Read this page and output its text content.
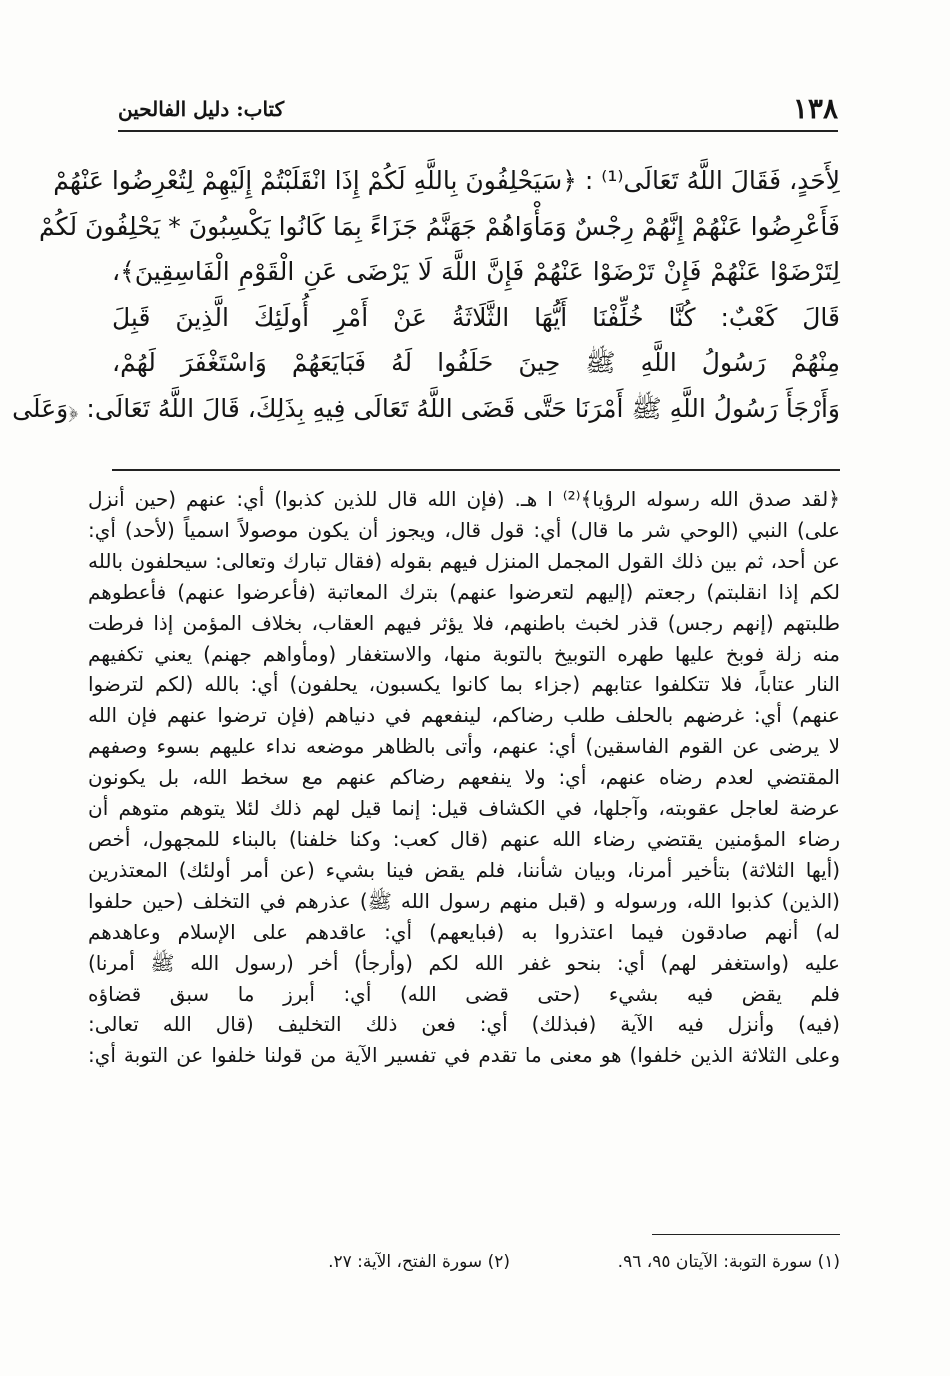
١٣٨
كتاب: دليل الفالحين
لِأَحَدٍ، فَقَالَ اللَّهُ تَعَالَى⁽¹⁾ : ﴿سَيَحْلِفُونَ بِاللَّهِ لَكُمْ إِذَا انْقَلَبْتُمْ إِلَيْهِمْ لِتُعْرِضُوا عَنْهُمْ
فَأَعْرِضُوا عَنْهُمْ إِنَّهُمْ رِجْسٌ وَمَأْوَاهُمْ جَهَنَّمُ جَزَاءً بِمَا كَانُوا يَكْسِبُونَ * يَحْلِفُونَ لَكُمْ
لِتَرْضَوْا عَنْهُمْ فَإِنْ تَرْضَوْا عَنْهُمْ فَإِنَّ اللَّهَ لَا يَرْضَى عَنِ الْقَوْمِ الْفَاسِقِينَ﴾،
قَالَ كَعْبٌ: كُنَّا خُلِّفْنَا أَيُّهَا الثَّلَاثَةُ عَنْ أَمْرِ أُولَئِكَ الَّذِينَ قَبِلَ
مِنْهُمْ رَسُولُ اللَّهِ ﷺ حِينَ حَلَفُوا لَهُ فَبَايَعَهُمْ وَاسْتَغْفَرَ لَهُمْ،
وَأَرْجَأَ رَسُولُ اللَّهِ ﷺ أَمْرَنَا حَتَّى قَضَى اللَّهُ تَعَالَى فِيهِ بِذَلِكَ، قَالَ اللَّهُ تَعَالَى: ﴿وَعَلَى
﴿لقد صدق الله رسوله الرؤيا﴾⁽²⁾ ا هـ. (فإن الله قال للذين كذبوا) أي: عنهم (حين أنزل
على) النبي (الوحي شر ما قال) أي: قول قال، ويجوز أن يكون موصولاً اسمياً (لأحد) أي:
عن أحد، ثم بين ذلك القول المجمل المنزل فيهم بقوله (فقال تبارك وتعالى: سيحلفون بالله
لكم إذا انقلبتم) رجعتم (إليهم لتعرضوا عنهم) بترك المعاتبة (فأعرضوا عنهم) فأعطوهم
طلبتهم (إنهم رجس) قذر لخبث باطنهم، فلا يؤثر فيهم العقاب، بخلاف المؤمن إذا فرطت
منه زلة فوبخ عليها طهره التوبيخ بالتوبة منها، والاستغفار (ومأواهم جهنم) يعني تكفيهم
النار عتاباً، فلا تتكلفوا عتابهم (جزاء بما كانوا يكسبون، يحلفون) أي: بالله (لكم لترضوا
عنهم) أي: غرضهم بالحلف طلب رضاكم، لينفعهم في دنياهم (فإن ترضوا عنهم فإن الله
لا يرضى عن القوم الفاسقين) أي: عنهم، وأتى بالظاهر موضعه نداء عليهم بسوء وصفهم
المقتضي لعدم رضاه عنهم، أي: ولا ينفعهم رضاكم عنهم مع سخط الله، بل يكونون
عرضة لعاجل عقوبته، وآجلها، في الكشاف قيل: إنما قيل لهم ذلك لئلا يتوهم متوهم أن
رضاء المؤمنين يقتضي رضاء الله عنهم (قال كعب: وكنا خلفنا) بالبناء للمجهول، أخص
(أيها الثلاثة) بتأخير أمرنا، وبيان شأننا، فلم يقض فينا بشيء (عن أمر أولئك) المعتذرين
(الذين) كذبوا الله، ورسوله و (قبل منهم رسول الله ﷺ) عذرهم في التخلف (حين حلفوا
له) أنهم صادقون فيما اعتذروا به (فبايعهم) أي: عاقدهم على الإسلام وعاهدهم
عليه (واستغفر لهم) أي: بنحو غفر الله لكم (وأرجأ) أخر (رسول الله ﷺ أمرنا)
فلم يقض فيه بشيء (حتى قضى الله) أي: أبرز ما سبق قضاؤه
(فيه) وأنزل فيه الآية (فبذلك) أي: فعن ذلك التخليف (قال الله تعالى:
وعلى الثلاثة الذين خلفوا) هو معنى ما تقدم في تفسير الآية من قولنا خلفوا عن التوبة أي:
(١) سورة التوبة: الآيتان ٩٥، ٩٦.
(٢) سورة الفتح، الآية: ٢٧.
